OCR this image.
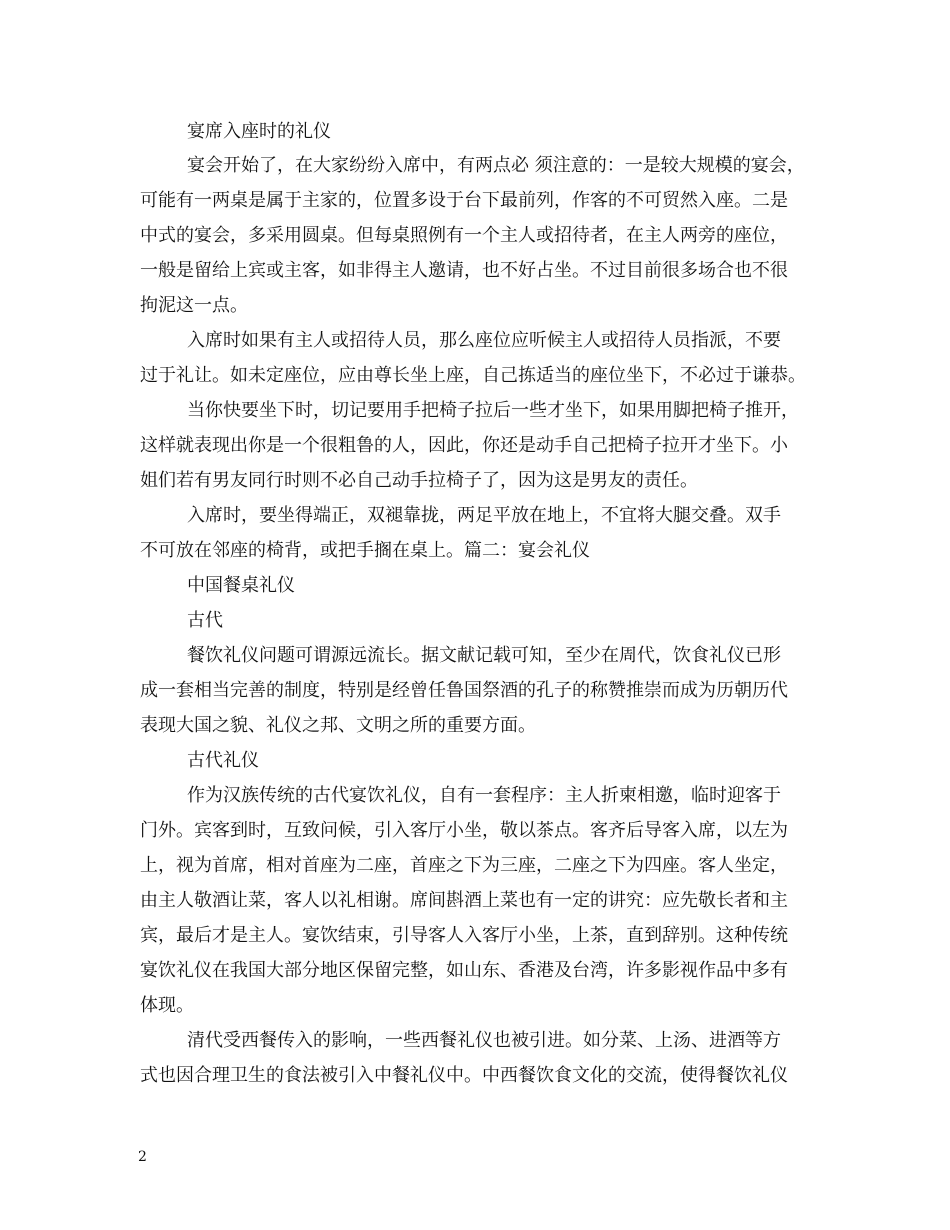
宴席入座时的礼仪
宴会开始了，在大家纷纷入席中，有两点必 须注意的：一是较大规模的宴会，
可能有一两桌是属于主家的，位置多设于台下最前列，作客的不可贸然入座。二是
中式的宴会，多采用圆桌。但每桌照例有一个主人或招待者，在主人两旁的座位，
一般是留给上宾或主客，如非得主人邀请，也不好占坐。不过目前很多场合也不很
拘泥这一点。
入席时如果有主人或招待人员，那么座位应听候主人或招待人员指派，不要
过于礼让。如未定座位，应由尊长坐上座，自己拣适当的座位坐下，不必过于谦恭。
当你快要坐下时，切记要用手把椅子拉后一些才坐下，如果用脚把椅子推开，
这样就表现出你是一个很粗鲁的人，因此，你还是动手自己把椅子拉开才坐下。小
姐们若有男友同行时则不必自己动手拉椅子了，因为这是男友的责任。
入席时，要坐得端正，双褪靠拢，两足平放在地上，不宜将大腿交叠。双手
不可放在邻座的椅背，或把手搁在桌上。篇二：宴会礼仪
中国餐桌礼仪
古代
餐饮礼仪问题可谓源远流长。据文献记载可知，至少在周代，饮食礼仪已形
成一套相当完善的制度，特别是经曾任鲁国祭酒的孔子的称赞推崇而成为历朝历代
表现大国之貌、礼仪之邦、文明之所的重要方面。
古代礼仪
作为汉族传统的古代宴饮礼仪，自有一套程序：主人折柬相邀，临时迎客于
门外。宾客到时，互致问候，引入客厅小坐，敬以茶点。客齐后导客入席，以左为
上，视为首席，相对首座为二座，首座之下为三座，二座之下为四座。客人坐定，
由主人敬酒让菜，客人以礼相谢。席间斟酒上菜也有一定的讲究：应先敬长者和主
宾，最后才是主人。宴饮结束，引导客人入客厅小坐，上茶，直到辞别。这种传统
宴饮礼仪在我国大部分地区保留完整，如山东、香港及台湾，许多影视作品中多有
体现。
清代受西餐传入的影响，一些西餐礼仪也被引进。如分菜、上汤、进酒等方
式也因合理卫生的食法被引入中餐礼仪中。中西餐饮食文化的交流，使得餐饮礼仪
2
